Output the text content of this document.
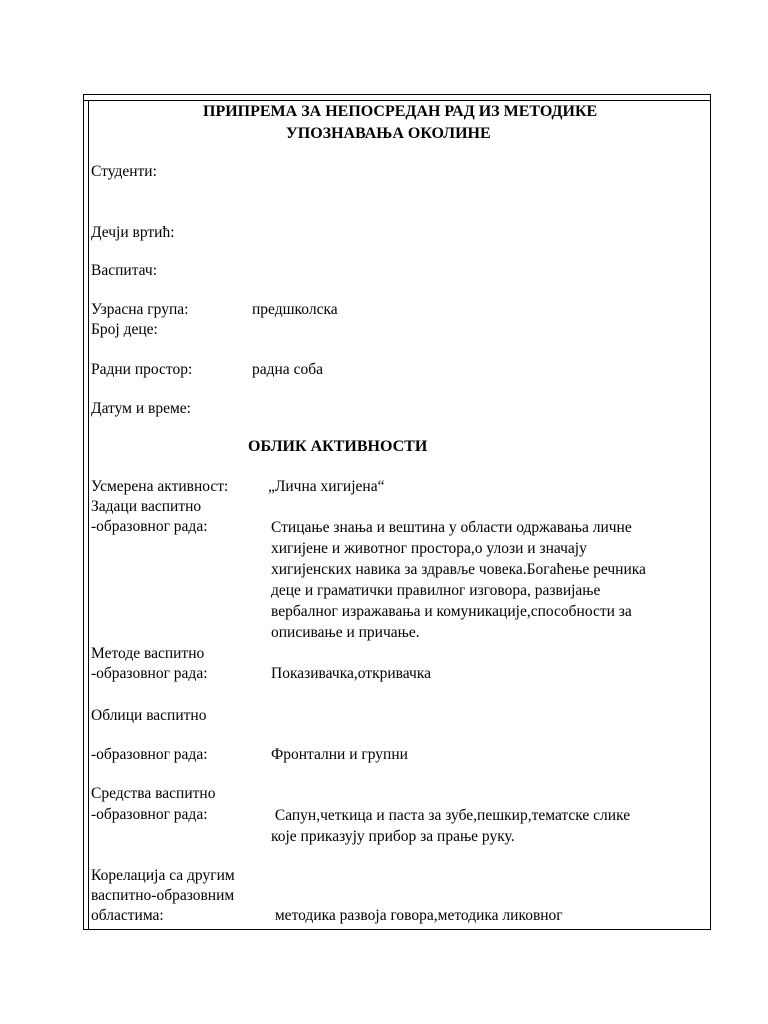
ПРИПРЕМА ЗА НЕПОСРЕДАН РАД ИЗ МЕТОДИКЕ
УПОЗНАВАЊА ОКОЛИНЕ
Студенти:
Дечји вртић:
Васпитач:
Узрасна група:	предшколска
Број деце:
Радни простор:	радна соба
Датум и време:
ОБЛИК АКТИВНОСТИ
Усмерена активност:	„Лична хигијена“
Задаци васпитно
-образовног рада:	Стицање знања и вештина у области одржавања личне
хигијене и животног простора,о улози и значају
хигијенских навика за здравље човека.Богаћење речника
деце и граматички правилног изговора, развијање
вербалног изражавања и комуникације,способности за
описивање и причање.
Методе васпитно
-образовног рада:	Показивачка,откривачка
Облици васпитно
-образовног рада:	Фронтални и групни
Средства васпитно
-образовног рада:	Сапун,четкица и паста за зубе,пешкир,тематске слике
које приказују прибор за прање руку.
Корелација са другим
васпитно-образовним
областима:	методика развоја говора,методика ликовног
